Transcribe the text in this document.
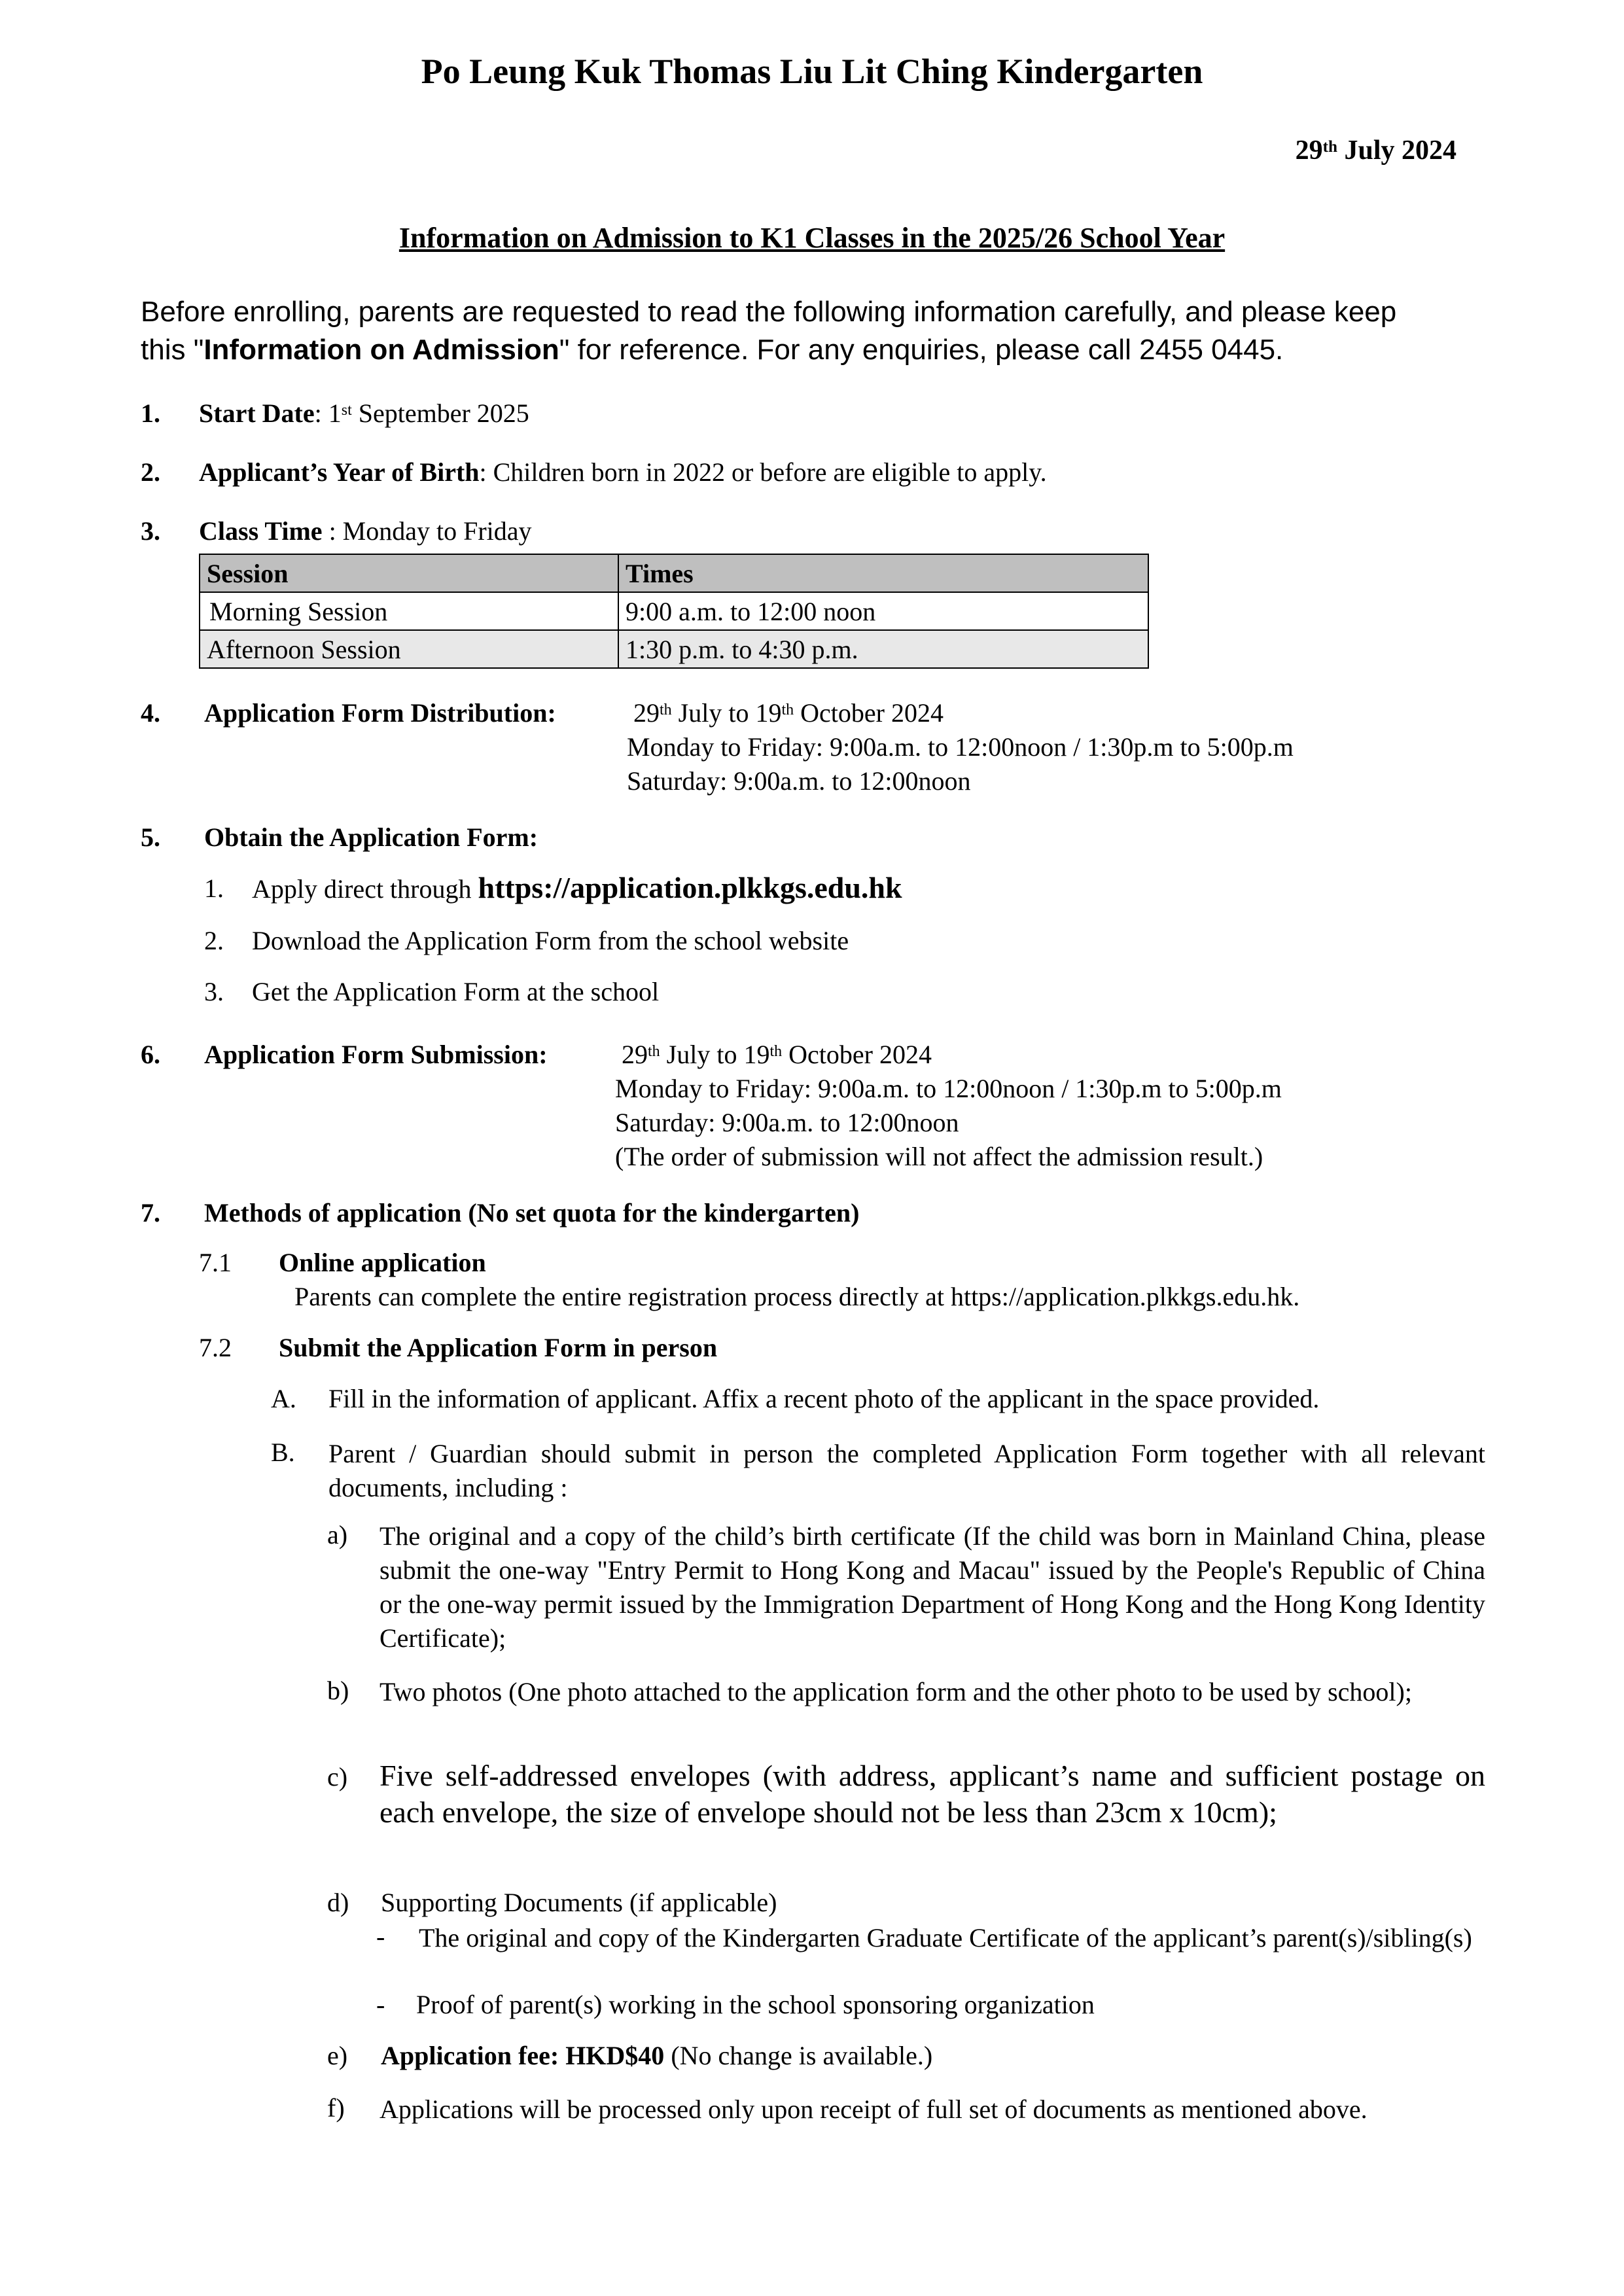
Po Leung Kuk Thomas Liu Lit Ching Kindergarten
29th July 2024
Information on Admission to K1 Classes in the 2025/26 School Year
Before enrolling, parents are requested to read the following information carefully, and please keep
this "Information on Admission" for reference. For any enquiries, please call 2455 0445.
1. Start Date: 1st September 2025
2. Applicant’s Year of Birth: Children born in 2022 or before are eligible to apply.
3. Class Time : Monday to Friday
Session	Times
Morning Session	9:00 a.m. to 12:00 noon
Afternoon Session	1:30 p.m. to 4:30 p.m.
4. Application Form Distribution:	29th July to 19th October 2024
Monday to Friday: 9:00a.m. to 12:00noon / 1:30p.m to 5:00p.m
Saturday: 9:00a.m. to 12:00noon
5. Obtain the Application Form:
1. Apply direct through https://application.plkkgs.edu.hk
2. Download the Application Form from the school website
3. Get the Application Form at the school
6. Application Form Submission:	29th July to 19th October 2024
Monday to Friday: 9:00a.m. to 12:00noon / 1:30p.m to 5:00p.m
Saturday: 9:00a.m. to 12:00noon
(The order of submission will not affect the admission result.)
7. Methods of application (No set quota for the kindergarten)
7.1 Online application
Parents can complete the entire registration process directly at https://application.plkkgs.edu.hk.
7.2 Submit the Application Form in person
A. Fill in the information of applicant. Affix a recent photo of the applicant in the space provided.
B. Parent / Guardian should submit in person the completed Application Form together with all relevant documents, including :
a) The original and a copy of the child’s birth certificate (If the child was born in Mainland China, please submit the one-way "Entry Permit to Hong Kong and Macau" issued by the People's Republic of China or the one-way permit issued by the Immigration Department of Hong Kong and the Hong Kong Identity Certificate);
b) Two photos (One photo attached to the application form and the other photo to be used by school);
c) Five self-addressed envelopes (with address, applicant’s name and sufficient postage on each envelope, the size of envelope should not be less than 23cm x 10cm);
d) Supporting Documents (if applicable)
- The original and copy of the Kindergarten Graduate Certificate of the applicant’s parent(s)/sibling(s)
- Proof of parent(s) working in the school sponsoring organization
e) Application fee: HKD$40 (No change is available.)
f) Applications will be processed only upon receipt of full set of documents as mentioned above.
